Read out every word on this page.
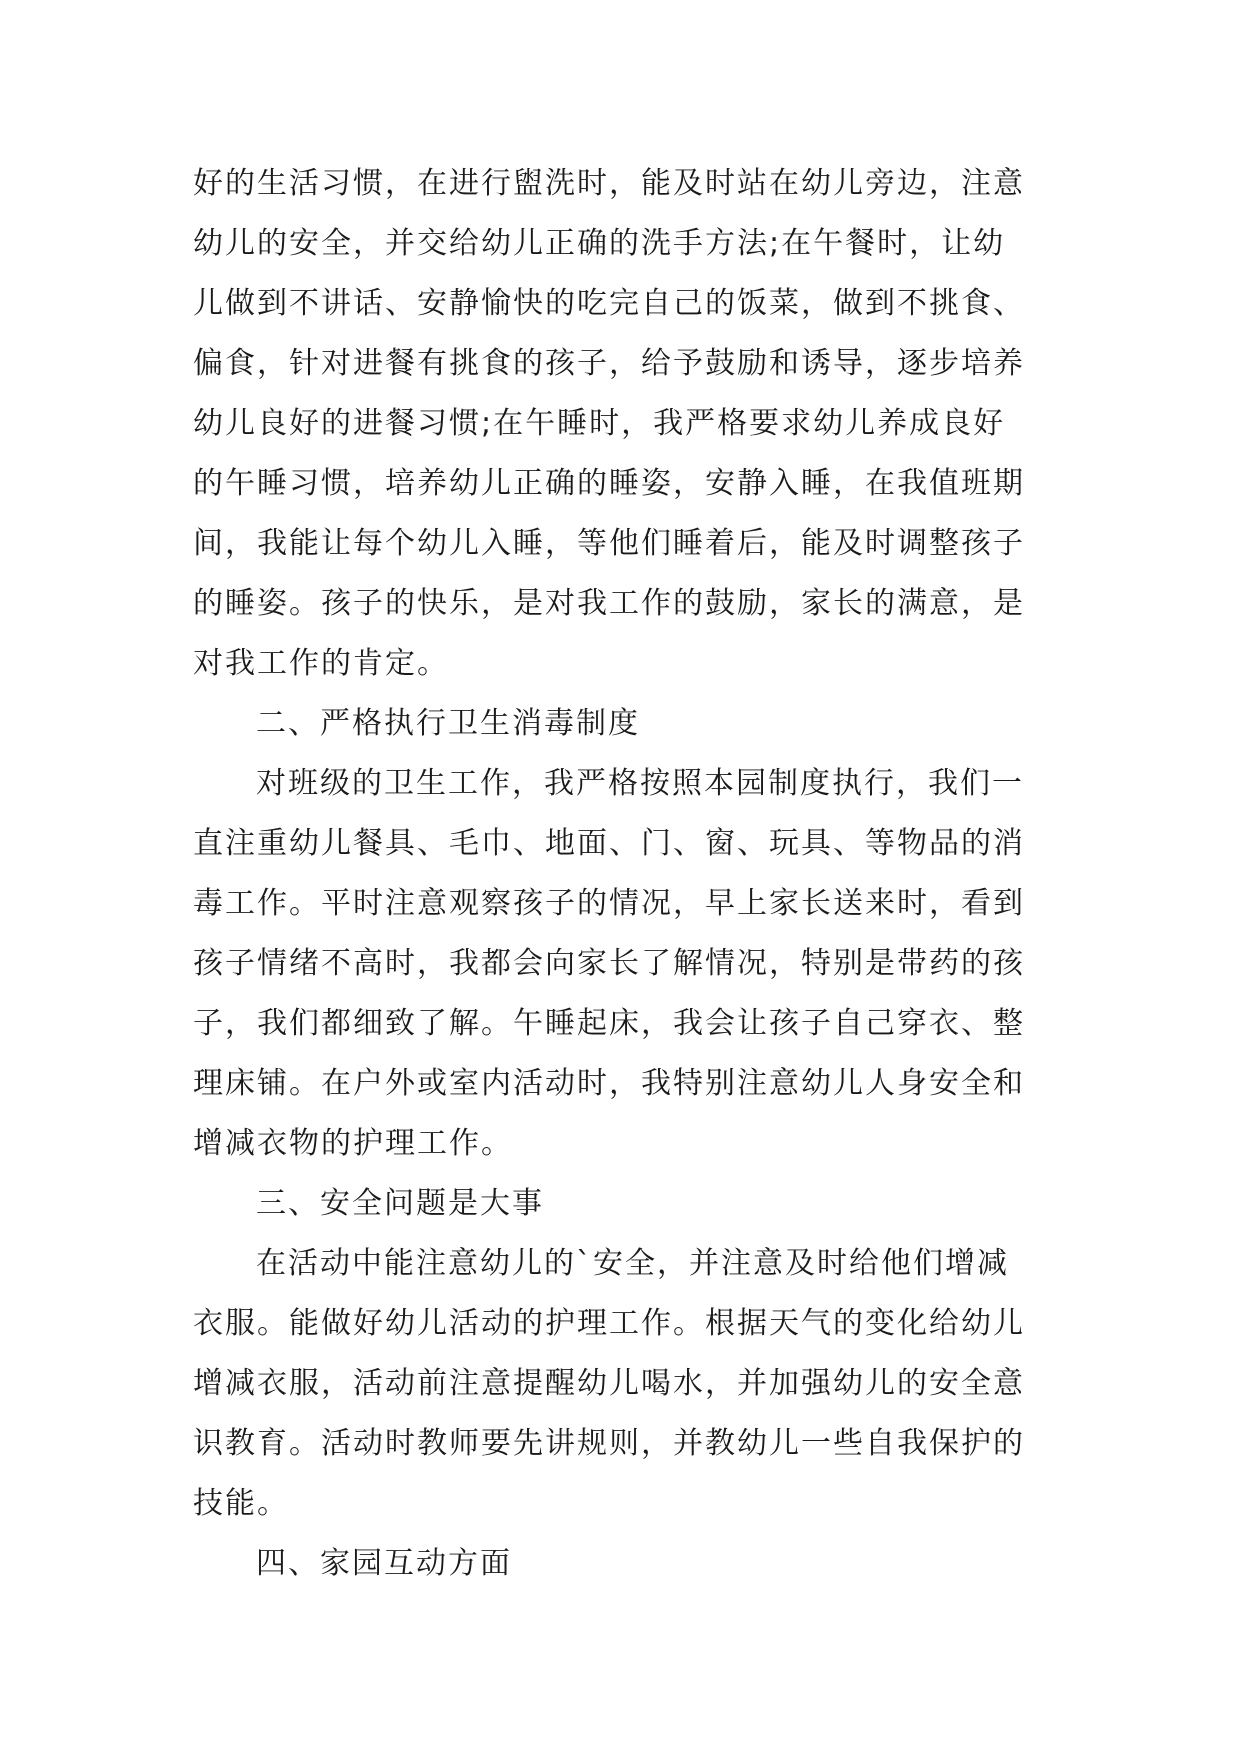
好的生活习惯，在进行盥洗时，能及时站在幼儿旁边，注意
幼儿的安全，并交给幼儿正确的洗手方法;在午餐时，让幼
儿做到不讲话、安静愉快的吃完自己的饭菜，做到不挑食、
偏食，针对进餐有挑食的孩子，给予鼓励和诱导，逐步培养
幼儿良好的进餐习惯;在午睡时，我严格要求幼儿养成良好
的午睡习惯，培养幼儿正确的睡姿，安静入睡，在我值班期
间，我能让每个幼儿入睡，等他们睡着后，能及时调整孩子
的睡姿。孩子的快乐，是对我工作的鼓励，家长的满意，是
对我工作的肯定。
二、严格执行卫生消毒制度
对班级的卫生工作，我严格按照本园制度执行，我们一
直注重幼儿餐具、毛巾、地面、门、窗、玩具、等物品的消
毒工作。平时注意观察孩子的情况，早上家长送来时，看到
孩子情绪不高时，我都会向家长了解情况，特别是带药的孩
子，我们都细致了解。午睡起床，我会让孩子自己穿衣、整
理床铺。在户外或室内活动时，我特别注意幼儿人身安全和
增减衣物的护理工作。
三、安全问题是大事
在活动中能注意幼儿的`安全，并注意及时给他们增减
衣服。能做好幼儿活动的护理工作。根据天气的变化给幼儿
增减衣服，活动前注意提醒幼儿喝水，并加强幼儿的安全意
识教育。活动时教师要先讲规则，并教幼儿一些自我保护的
技能。
四、家园互动方面
